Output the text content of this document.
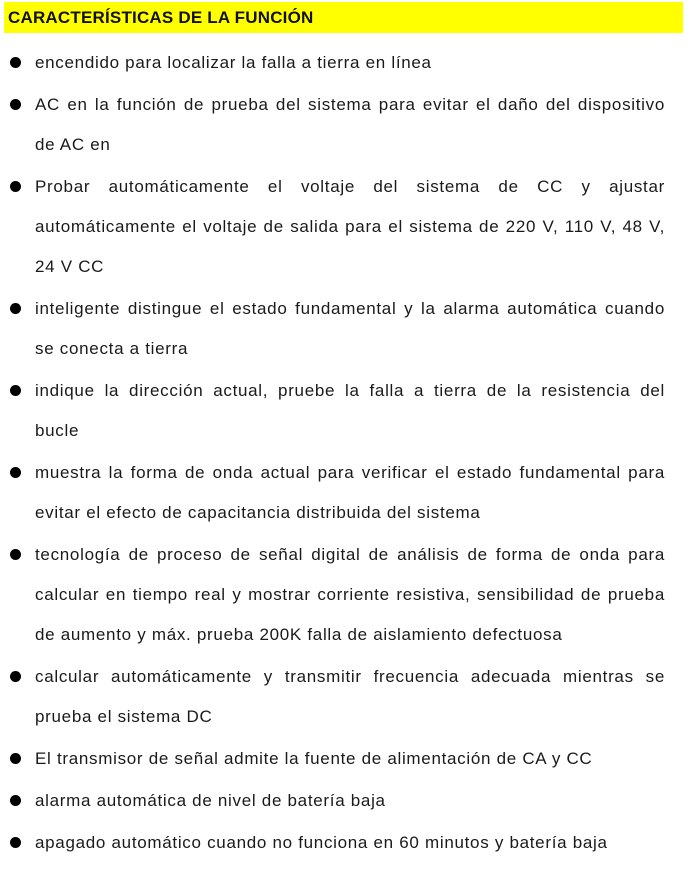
CARACTERÍSTICAS DE LA FUNCIÓN
encendido para localizar la falla a tierra en línea
AC en la función de prueba del sistema para evitar el daño del dispositivo
de AC en
Probar automáticamente el voltaje del sistema de CC y ajustar
automáticamente el voltaje de salida para el sistema de 220 V, 110 V, 48 V,
24 V CC
inteligente distingue el estado fundamental y la alarma automática cuando
se conecta a tierra
indique la dirección actual, pruebe la falla a tierra de la resistencia del
bucle
muestra la forma de onda actual para verificar el estado fundamental para
evitar el efecto de capacitancia distribuida del sistema
tecnología de proceso de señal digital de análisis de forma de onda para
calcular en tiempo real y mostrar corriente resistiva, sensibilidad de prueba
de aumento y máx. prueba 200K falla de aislamiento defectuosa
calcular automáticamente y transmitir frecuencia adecuada mientras se
prueba el sistema DC
El transmisor de señal admite la fuente de alimentación de CA y CC
alarma automática de nivel de batería baja
apagado automático cuando no funciona en 60 minutos y batería baja
